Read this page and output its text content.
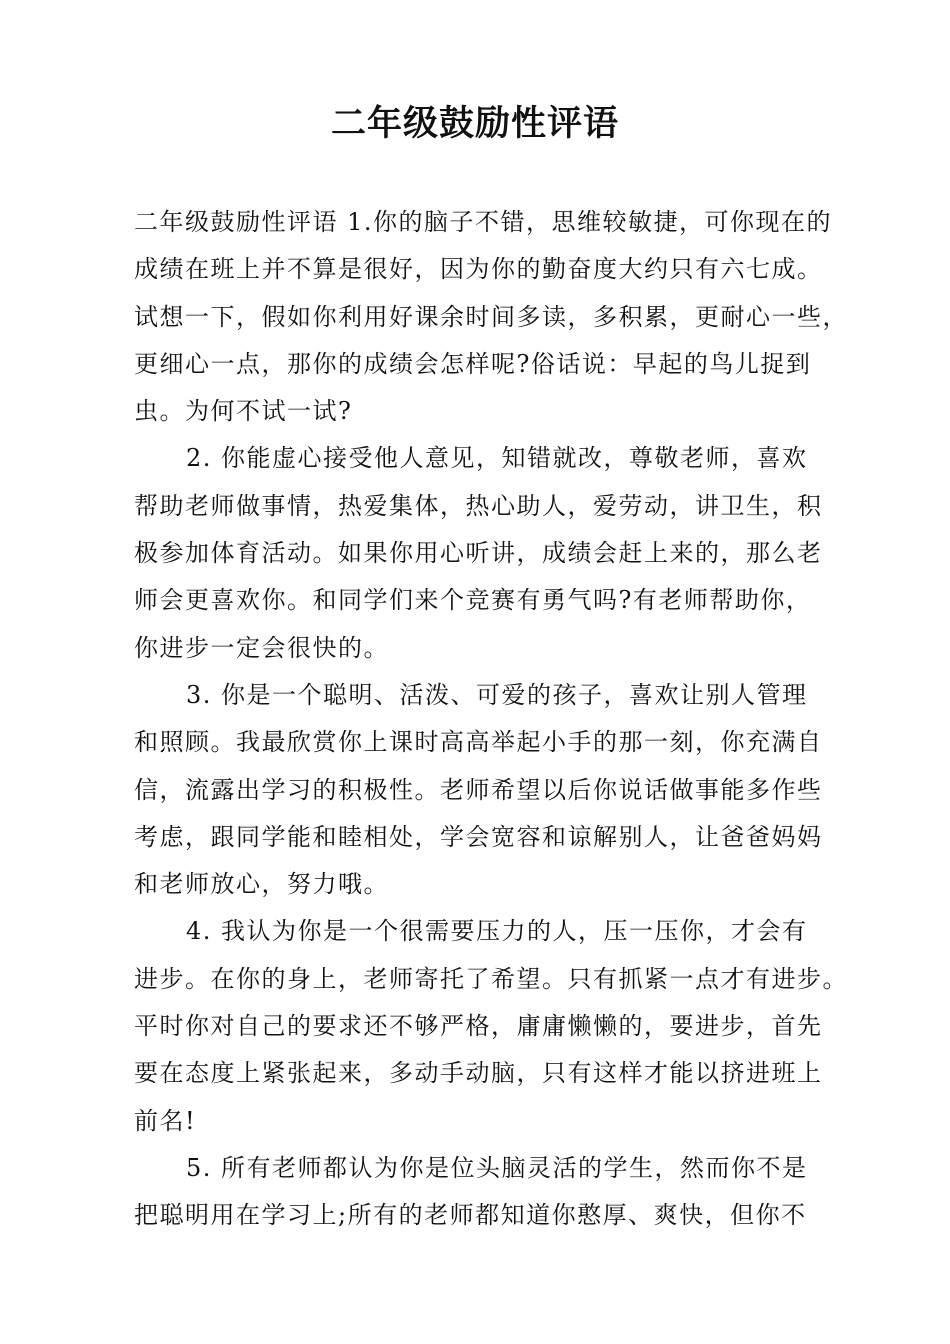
二年级鼓励性评语
二年级鼓励性评语 1.你的脑子不错，思维较敏捷，可你现在的
成绩在班上并不算是很好，因为你的勤奋度大约只有六七成。
试想一下，假如你利用好课余时间多读，多积累，更耐心一些，
更细心一点，那你的成绩会怎样呢?俗话说：早起的鸟儿捉到
虫。为何不试一试?
2. 你能虚心接受他人意见，知错就改，尊敬老师，喜欢
帮助老师做事情，热爱集体，热心助人，爱劳动，讲卫生，积
极参加体育活动。如果你用心听讲，成绩会赶上来的，那么老
师会更喜欢你。和同学们来个竞赛有勇气吗?有老师帮助你，
你进步一定会很快的。
3. 你是一个聪明、活泼、可爱的孩子，喜欢让别人管理
和照顾。我最欣赏你上课时高高举起小手的那一刻，你充满自
信，流露出学习的积极性。老师希望以后你说话做事能多作些
考虑，跟同学能和睦相处，学会宽容和谅解别人，让爸爸妈妈
和老师放心，努力哦。
4. 我认为你是一个很需要压力的人，压一压你，才会有
进步。在你的身上，老师寄托了希望。只有抓紧一点才有进步。
平时你对自己的要求还不够严格，庸庸懒懒的，要进步，首先
要在态度上紧张起来，多动手动脑，只有这样才能以挤进班上
前名!
5. 所有老师都认为你是位头脑灵活的学生，然而你不是
把聪明用在学习上;所有的老师都知道你憨厚、爽快，但你不
